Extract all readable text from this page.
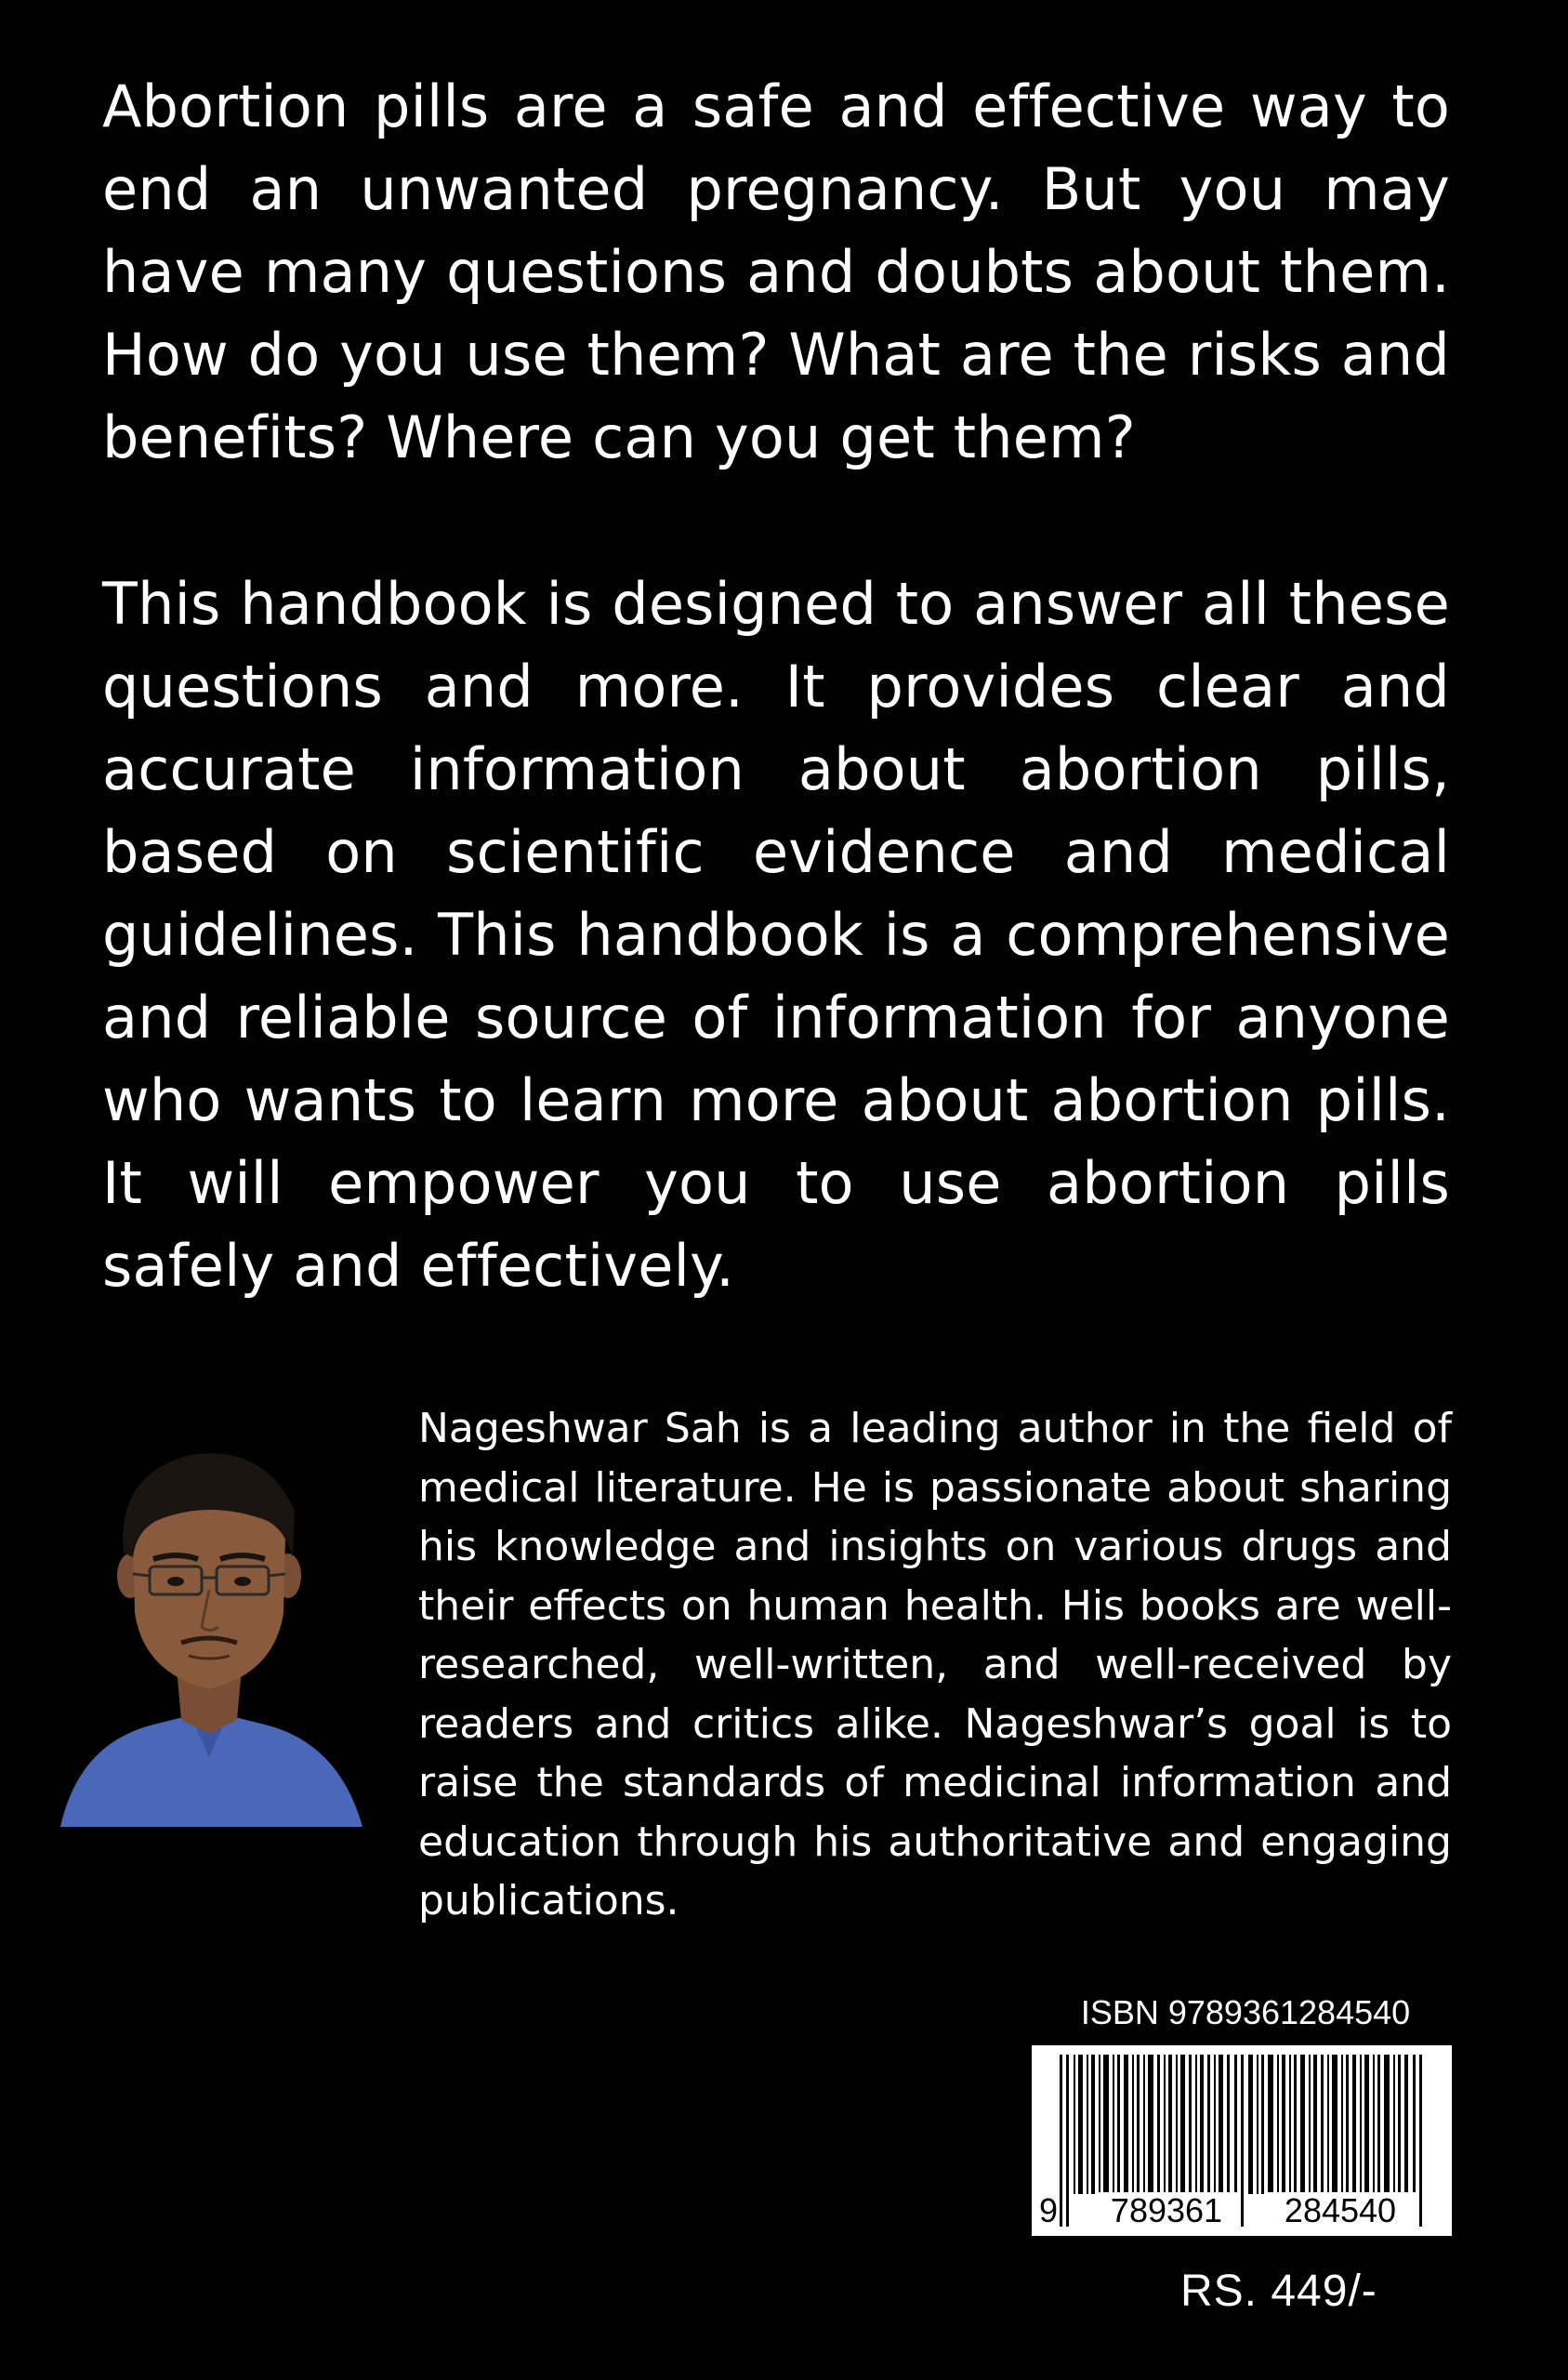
Abortion pills are a safe and effective way to end an unwanted pregnancy. But you may have many questions and doubts about them. How do you use them? What are the risks and benefits? Where can you get them?

This handbook is designed to answer all these questions and more. It provides clear and accurate information about abortion pills, based on scientific evidence and medical guidelines. This handbook is a comprehensive and reliable source of information for anyone who wants to learn more about abortion pills. It will empower you to use abortion pills safely and effectively.

Nageshwar Sah is a leading author in the field of medical literature. He is passionate about sharing his knowledge and insights on various drugs and their effects on human health. His books are well-researched, well-written, and well-received by readers and critics alike. Nageshwar’s goal is to raise the standards of medicinal information and education through his authoritative and engaging publications.

ISBN 9789361284540
9	789361	284540
RS. 449/-
